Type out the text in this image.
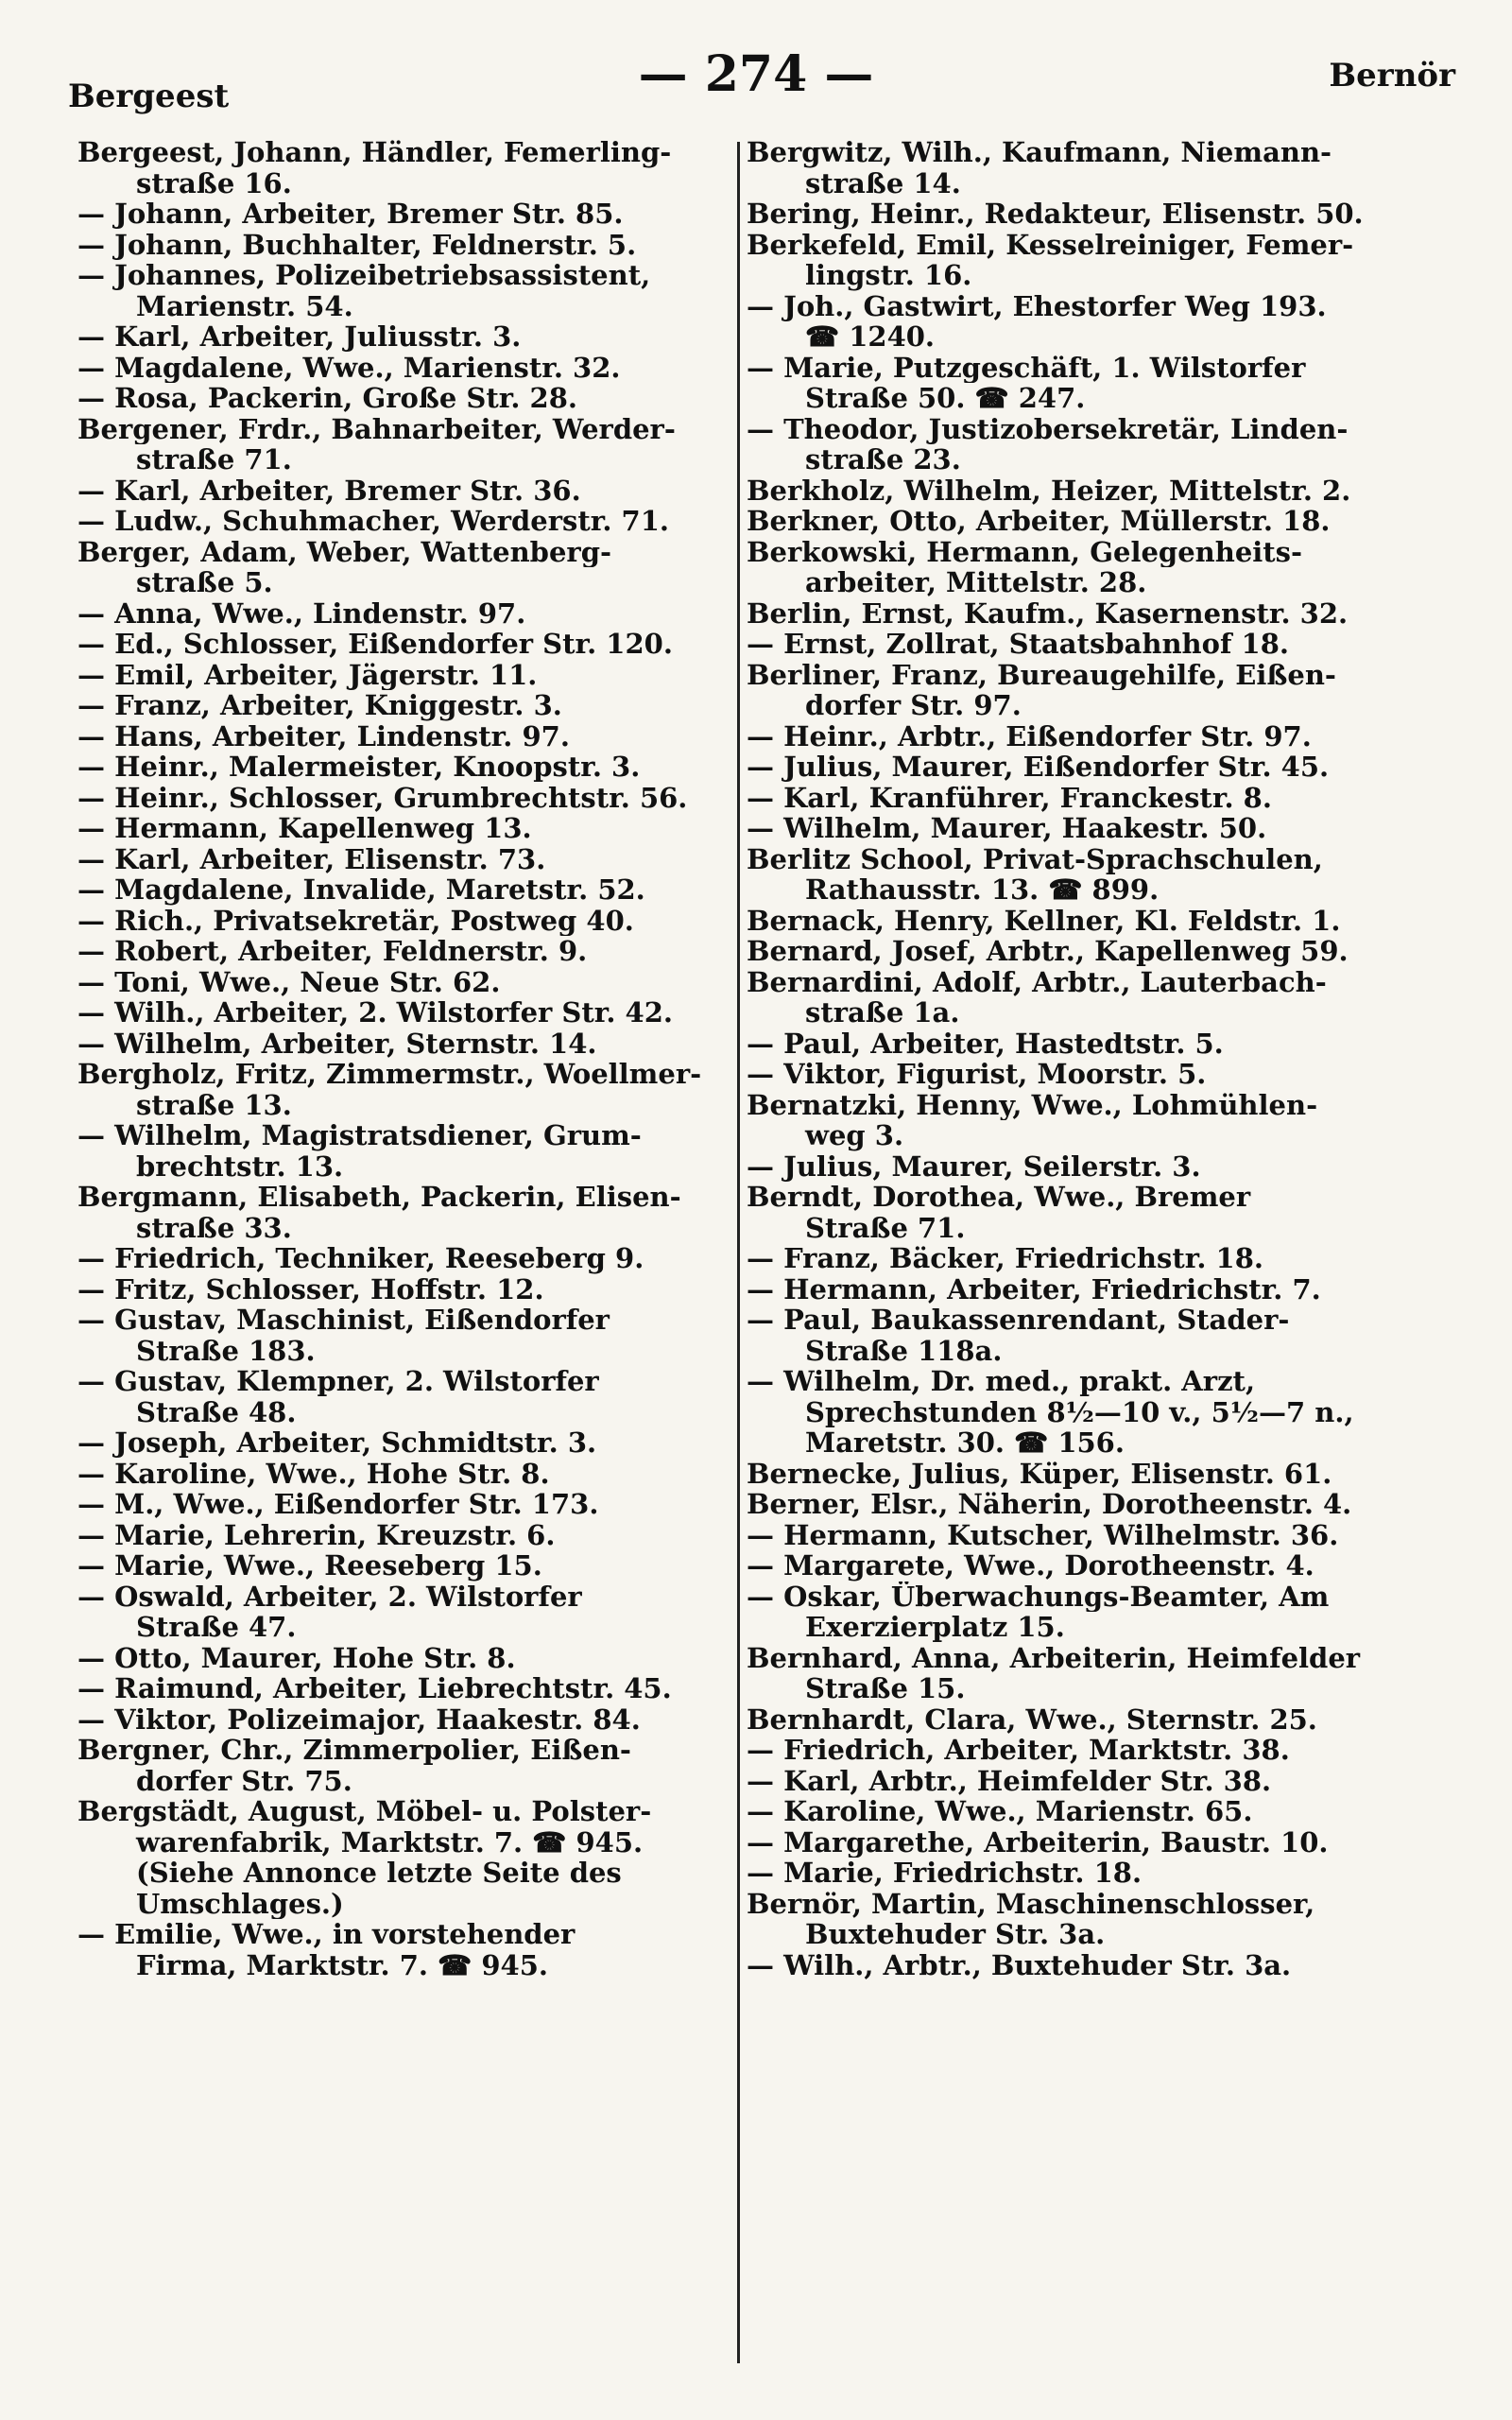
Bergeest	— 274 —	Bernör
Bergeest, Johann, Händler, Femerling-
straße 16.
— Johann, Arbeiter, Bremer Str. 85.
— Johann, Buchhalter, Feldnerstr. 5.
— Johannes, Polizeibetriebsassistent,
Marienstr. 54.
— Karl, Arbeiter, Juliusstr. 3.
— Magdalene, Wwe., Marienstr. 32.
— Rosa, Packerin, Große Str. 28.
Bergener, Frdr., Bahnarbeiter, Werder-
straße 71.
— Karl, Arbeiter, Bremer Str. 36.
— Ludw., Schuhmacher, Werderstr. 71.
Berger, Adam, Weber, Wattenberg-
straße 5.
— Anna, Wwe., Lindenstr. 97.
— Ed., Schlosser, Eißendorfer Str. 120.
— Emil, Arbeiter, Jägerstr. 11.
— Franz, Arbeiter, Kniggestr. 3.
— Hans, Arbeiter, Lindenstr. 97.
— Heinr., Malermeister, Knoopstr. 3.
— Heinr., Schlosser, Grumbrechtstr. 56.
— Hermann, Kapellenweg 13.
— Karl, Arbeiter, Elisenstr. 73.
— Magdalene, Invalide, Maretstr. 52.
— Rich., Privatsekretär, Postweg 40.
— Robert, Arbeiter, Feldnerstr. 9.
— Toni, Wwe., Neue Str. 62.
— Wilh., Arbeiter, 2. Wilstorfer Str. 42.
— Wilhelm, Arbeiter, Sternstr. 14.
Bergholz, Fritz, Zimmermstr., Woellmer-
straße 13.
— Wilhelm, Magistratsdiener, Grum-
brechtstr. 13.
Bergmann, Elisabeth, Packerin, Elisen-
straße 33.
— Friedrich, Techniker, Reeseberg 9.
— Fritz, Schlosser, Hoffstr. 12.
— Gustav, Maschinist, Eißendorfer
Straße 183.
— Gustav, Klempner, 2. Wilstorfer
Straße 48.
— Joseph, Arbeiter, Schmidtstr. 3.
— Karoline, Wwe., Hohe Str. 8.
— M., Wwe., Eißendorfer Str. 173.
— Marie, Lehrerin, Kreuzstr. 6.
— Marie, Wwe., Reeseberg 15.
— Oswald, Arbeiter, 2. Wilstorfer
Straße 47.
— Otto, Maurer, Hohe Str. 8.
— Raimund, Arbeiter, Liebrechtstr. 45.
— Viktor, Polizeimajor, Haakestr. 84.
Bergner, Chr., Zimmerpolier, Eißen-
dorfer Str. 75.
Bergstädt, August, Möbel- u. Polster-
warenfabrik, Marktstr. 7. ☎ 945.
(Siehe Annonce letzte Seite des
Umschlages.)
— Emilie, Wwe., in vorstehender
Firma, Marktstr. 7. ☎ 945.
Bergwitz, Wilh., Kaufmann, Niemann-
straße 14.
Bering, Heinr., Redakteur, Elisenstr. 50.
Berkefeld, Emil, Kesselreiniger, Femer-
lingstr. 16.
— Joh., Gastwirt, Ehestorfer Weg 193.
☎ 1240.
— Marie, Putzgeschäft, 1. Wilstorfer
Straße 50. ☎ 247.
— Theodor, Justizobersekretär, Linden-
straße 23.
Berkholz, Wilhelm, Heizer, Mittelstr. 2.
Berkner, Otto, Arbeiter, Müllerstr. 18.
Berkowski, Hermann, Gelegenheits-
arbeiter, Mittelstr. 28.
Berlin, Ernst, Kaufm., Kasernenstr. 32.
— Ernst, Zollrat, Staatsbahnhof 18.
Berliner, Franz, Bureaugehilfe, Eißen-
dorfer Str. 97.
— Heinr., Arbtr., Eißendorfer Str. 97.
— Julius, Maurer, Eißendorfer Str. 45.
— Karl, Kranführer, Franckestr. 8.
— Wilhelm, Maurer, Haakestr. 50.
Berlitz School, Privat-Sprachschulen,
Rathausstr. 13. ☎ 899.
Bernack, Henry, Kellner, Kl. Feldstr. 1.
Bernard, Josef, Arbtr., Kapellenweg 59.
Bernardini, Adolf, Arbtr., Lauterbach-
straße 1a.
— Paul, Arbeiter, Hastedtstr. 5.
— Viktor, Figurist, Moorstr. 5.
Bernatzki, Henny, Wwe., Lohmühlen-
weg 3.
— Julius, Maurer, Seilerstr. 3.
Berndt, Dorothea, Wwe., Bremer
Straße 71.
— Franz, Bäcker, Friedrichstr. 18.
— Hermann, Arbeiter, Friedrichstr. 7.
— Paul, Baukassenrendant, Stader-
Straße 118a.
— Wilhelm, Dr. med., prakt. Arzt,
Sprechstunden 8½—10 v., 5½—7 n.,
Maretstr. 30. ☎ 156.
Bernecke, Julius, Küper, Elisenstr. 61.
Berner, Elsr., Näherin, Dorotheenstr. 4.
— Hermann, Kutscher, Wilhelmstr. 36.
— Margarete, Wwe., Dorotheenstr. 4.
— Oskar, Überwachungs-Beamter, Am
Exerzierplatz 15.
Bernhard, Anna, Arbeiterin, Heimfelder
Straße 15.
Bernhardt, Clara, Wwe., Sternstr. 25.
— Friedrich, Arbeiter, Marktstr. 38.
— Karl, Arbtr., Heimfelder Str. 38.
— Karoline, Wwe., Marienstr. 65.
— Margarethe, Arbeiterin, Baustr. 10.
— Marie, Friedrichstr. 18.
Bernör, Martin, Maschinenschlosser,
Buxtehuder Str. 3a.
— Wilh., Arbtr., Buxtehuder Str. 3a.
